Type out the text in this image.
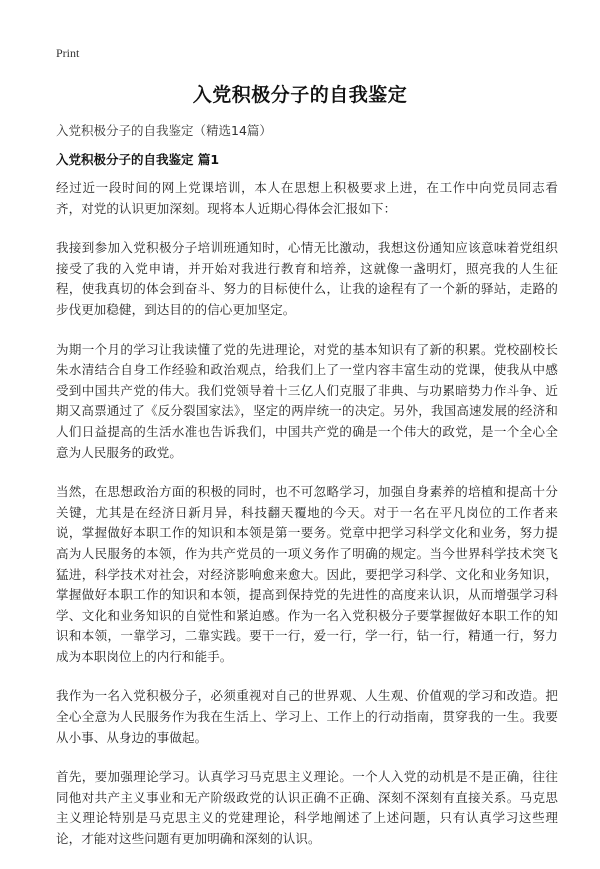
Print
入党积极分子的自我鉴定

入党积极分子的自我鉴定（精选14篇）

入党积极分子的自我鉴定 篇1

经过近一段时间的网上党课培训，本人在思想上积极要求上进，在工作中向党员同志看齐，对党的认识更加深刻。现将本人近期心得体会汇报如下：

我接到参加入党积极分子培训班通知时，心情无比激动，我想这份通知应该意味着党组织接受了我的入党申请，并开始对我进行教育和培养，这就像一盏明灯，照亮我的人生征程，使我真切的体会到奋斗、努力的目标使什么，让我的途程有了一个新的驿站，走路的步伐更加稳健，到达目的的信心更加坚定。

为期一个月的学习让我读懂了党的先进理论，对党的基本知识有了新的积累。党校副校长朱水清结合自身工作经验和政治观点，给我们上了一堂内容丰富生动的党课，使我从中感受到中国共产党的伟大。我们党领导着十三亿人们克服了非典、与功累暗势力作斗争、近期又高票通过了《反分裂国家法》，坚定的两岸统一的决定。另外，我国高速发展的经济和人们日益提高的生活水准也告诉我们，中国共产党的确是一个伟大的政党，是一个全心全意为人民服务的政党。

当然，在思想政治方面的积极的同时，也不可忽略学习，加强自身素养的培植和提高十分关键，尤其是在经济日新月异，科技翻天覆地的今天。对于一名在平凡岗位的工作者来说，掌握做好本职工作的知识和本领是第一要务。党章中把学习科学文化和业务，努力提高为人民服务的本领，作为共产党员的一项义务作了明确的规定。当今世界科学技术突飞猛进，科学技术对社会，对经济影响愈来愈大。因此，要把学习科学、文化和业务知识，掌握做好本职工作的知识和本领，提高到保持党的先进性的高度来认识，从而增强学习科学、文化和业务知识的自觉性和紧迫感。作为一名入党积极分子要掌握做好本职工作的知识和本领，一靠学习，二靠实践。要干一行，爱一行，学一行，钻一行，精通一行，努力成为本职岗位上的内行和能手。

我作为一名入党积极分子，必须重视对自己的世界观、人生观、价值观的学习和改造。把全心全意为人民服务作为我在生活上、学习上、工作上的行动指南，贯穿我的一生。我要从小事、从身边的事做起。

首先，要加强理论学习。认真学习马克思主义理论。一个人入党的动机是不是正确，往往同他对共产主义事业和无产阶级政党的认识正确不正确、深刻不深刻有直接关系。马克思主义理论特别是马克思主义的党建理论，科学地阐述了上述问题，只有认真学习这些理论，才能对这些问题有更加明确和深刻的认识。
